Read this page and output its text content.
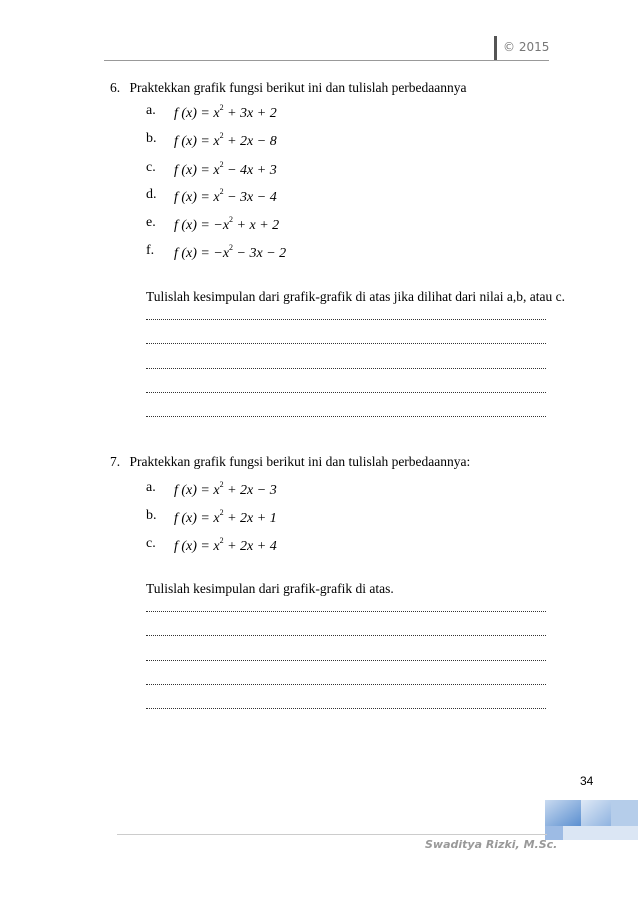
© 2015
6. Praktekkan grafik fungsi berikut ini dan tulislah perbedaannya
a. f $(x) = x^2 + 3x + 2$
b. f $(x) = x^2 + 2x - 8$
c. f $(x) = x^2 - 4x + 3$
d. f $(x) = x^2 - 3x - 4$
e. f $(x) = -x^2 + x + 2$
f. f $(x) = -x^2 - 3x - 2$
Tulislah kesimpulan dari grafik-grafik di atas jika dilihat dari nilai a,b, atau c.
7. Praktekkan grafik fungsi berikut ini dan tulislah perbedaannya:
a. f $(x) = x^2 + 2x - 3$
b. f $(x) = x^2 + 2x + 1$
c. f $(x) = x^2 + 2x + 4$
Tulislah kesimpulan dari grafik-grafik di atas.
34
Swaditya Rizki, M.Sc.
